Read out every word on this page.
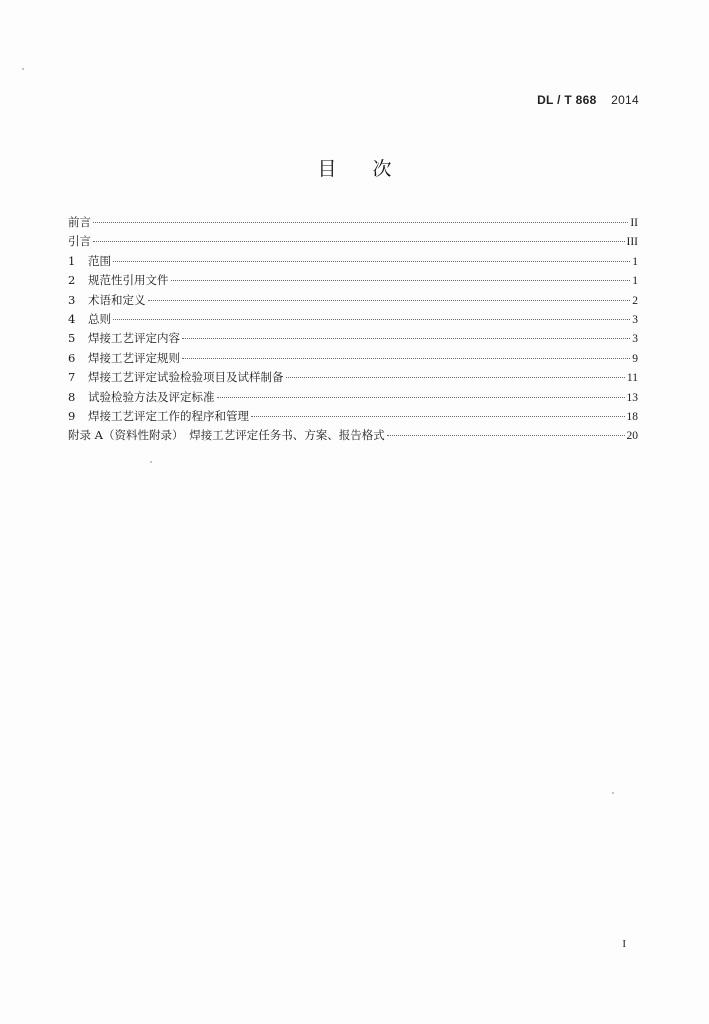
DL / T 868 2014
目次
前言	II
引言	III
1	范围	1
2	规范性引用文件	1
3	术语和定义	2
4	总则	3
5	焊接工艺评定内容	3
6	焊接工艺评定规则	9
7	焊接工艺评定试验检验项目及试样制备	11
8	试验检验方法及评定标准	13
9	焊接工艺评定工作的程序和管理	18
附录 A（资料性附录）　焊接工艺评定任务书、方案、报告格式	20
I
